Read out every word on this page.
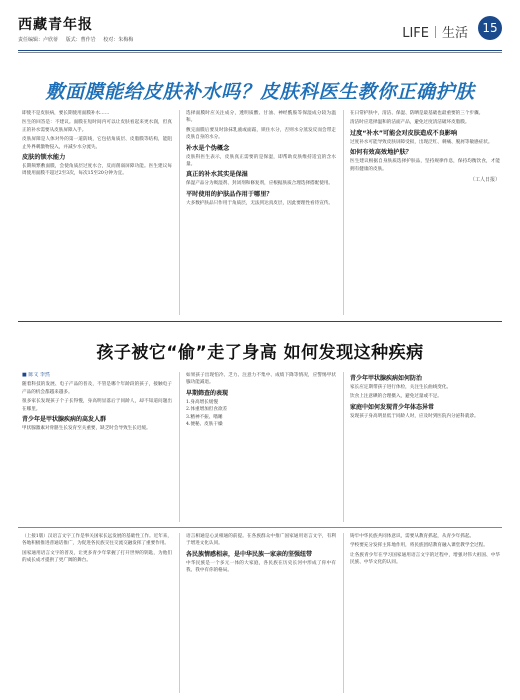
西藏青年报
责任编辑：卢欣蒂 版式：曹作岩 校对：朱梅梅	LIFE 生活	15
敷面膜能给皮肤补水吗？皮肤科医生教你正确护肤

即使不是皮肤病，要长期使用面膜补水……

医生的回答是：不建议。面膜在短时间内可以让皮肤看起来更水润，但真正的补水需要从皮肤屏障入手。

皮肤屏障是人体对外的第一道防线，它包括角质层、皮脂膜等结构，能阻止外界刺激物侵入，并减少水分流失。

皮肤的锁水能力

长期频繁敷面膜，会使角质层过度水合，反而削弱屏障功能。医生建议每周使用面膜不超过2至3次，每次15至20分钟为宜。

选择面膜时应关注成分，透明质酸、甘油、神经酰胺等保湿成分较为温和。

敷完面膜后要及时涂抹乳液或面霜，锁住水分，否则水分蒸发反而会带走皮肤自身的水分。

补水是个伪概念

皮肤科医生表示，皮肤真正需要的是保湿，即帮助皮肤维持适宜的含水量。

真正的补水其实是保湿

保湿产品分为吸湿剂、封闭剂和修复剂，应根据肤质合理选择搭配使用。

平时使用的护肤品作用于哪里？

大多数护肤品只作用于角质层，无法到达真皮层，因此要理性看待宣传。

在日常护肤中，清洁、保湿、防晒是最基础也最重要的三个步骤。

清洁时应选择温和的洁面产品，避免过度清洁破坏皮脂膜。

过度“补水”可能会对皮肤造成不良影响

过度补水可能导致皮肤屏障受损，出现泛红、刺痛、脱屑等敏感症状。

如何有效高效地护肤？

医生建议根据自身肤质选择护肤品，坚持规律作息，保持均衡饮食，才能拥有健康的皮肤。

（工人日报）
孩子被它“偷”走了身高 如何发现这种疾病
■ 陈文 李然

随着科技的发展、电子产品的普及，不管是哪个年龄段的孩子，接触电子产品的机会都越来越多。

很多家长发现孩子个子长得慢，身高明显落后于同龄人，却不知道问题出在哪里。

青少年是甲状腺疾病的高发人群

甲状腺激素对骨骼生长发育至关重要，缺乏时会导致生长迟缓。

如果孩子出现怕冷、乏力、注意力不集中、成绩下降等情况，应警惕甲状腺功能减退。

早期筛查的表现

1.身高增长缓慢

2.体重增加但食欲差

3.精神不振、嗜睡

4.便秘、皮肤干燥

青少年甲状腺疾病如何防治

家长应定期带孩子进行体检，关注生长曲线变化。

饮食上注意碘的合理摄入，避免过量或不足。

家庭中如何发现青少年体态异常

发现孩子身高明显低于同龄人时，应及时到医院内分泌科就诊。

（上接1版）汉语言文字工作是事关国家长远发展的基础性工作。近年来，各地积极推进普通话推广，为促进各民族交往交流交融发挥了重要作用。

国家通用语言文字的普及，让更多青少年掌握了打开世界的钥匙，为他们的成长成才提供了更广阔的舞台。

语言相通是心灵相通的前提。在各族群众中推广国家通用语言文字，有利于增进文化认同。

各民族情感相亲，是中华民族一家亲的坚强纽带

中华民族是一个多元一体的大家庭，各民族在历史长河中形成了你中有我、我中有你的格局。

铸牢中华民族共同体意识，需要从教育抓起，从青少年抓起。

学校要充分发挥主阵地作用，将民族团结教育融入课堂教学全过程。

让各族青少年在学习国家通用语言文字的过程中，增强对伟大祖国、中华民族、中华文化的认同。
